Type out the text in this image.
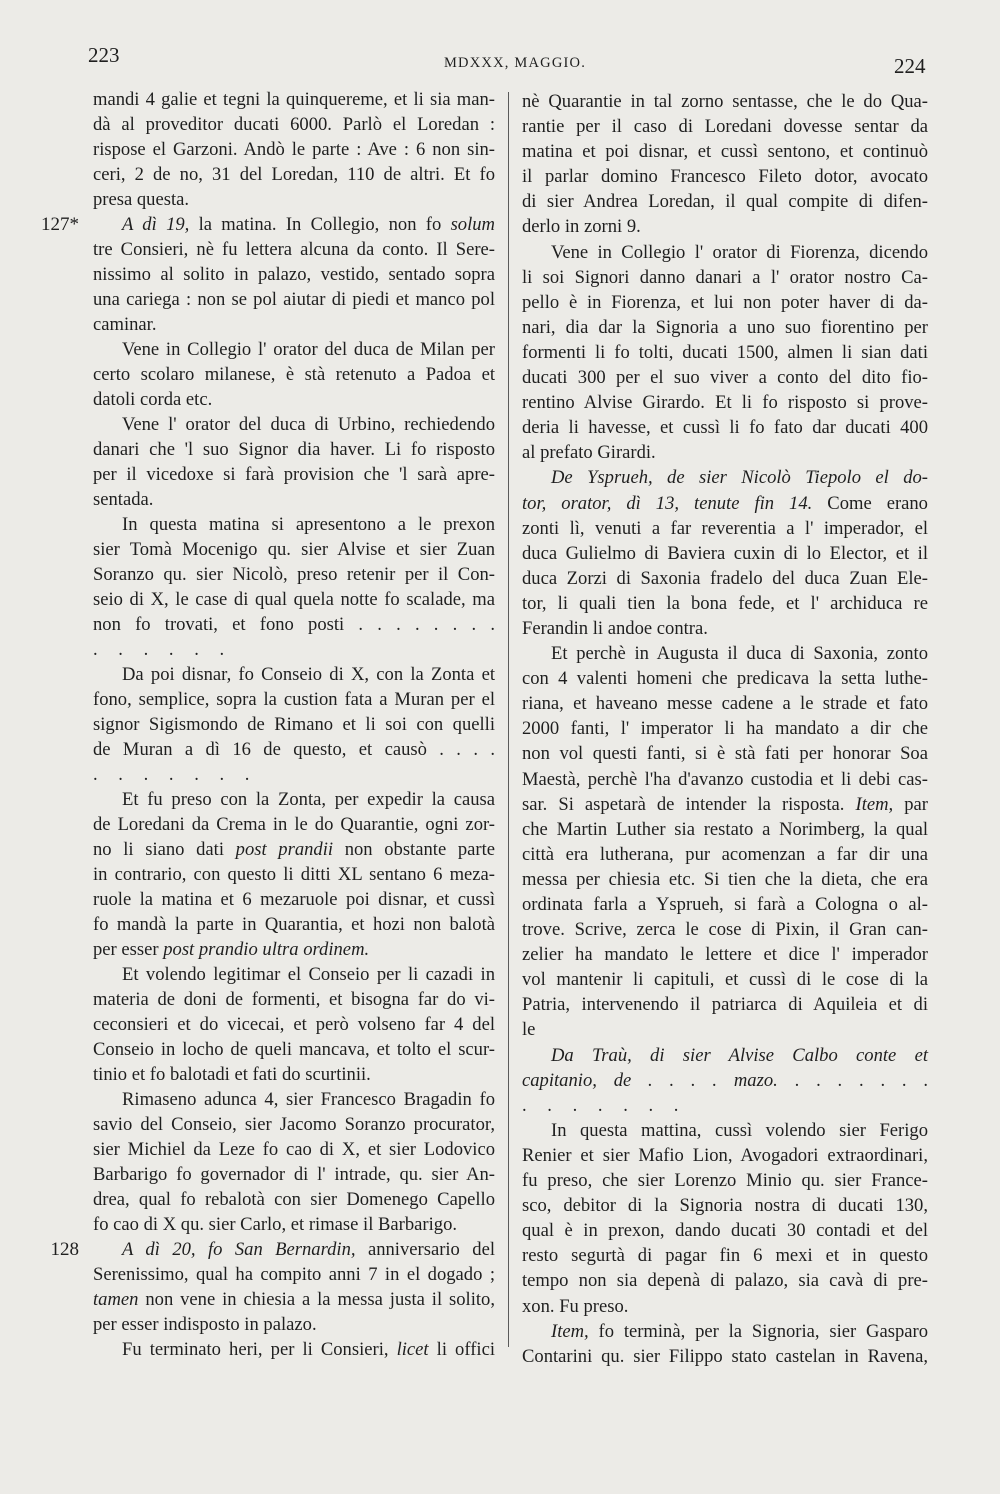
223	MDXXX, MAGGIO.	224
mandi 4 galie et tegni la quinquereme, et li sia man-
dà al proveditor ducati 6000. Parlò el Loredan :
rispose el Garzoni. Andò le parte : Ave : 6 non sin-
ceri, 2 de no, 31 del Loredan, 110 de altri. Et fo
presa questa.
127*	A dì 19, la matina. In Collegio, non fo solum
tre Consieri, nè fu lettera alcuna da conto. Il Sere-
nissimo al solito in palazo, vestido, sentado sopra
una cariega : non se pol aiutar di piedi et manco pol
caminar.
Vene in Collegio l' orator del duca de Milan per
certo scolaro milanese, è stà retenuto a Padoa et
datoli corda etc.
Vene l' orator del duca di Urbino, rechiedendo
danari che 'l suo Signor dia haver. Li fo risposto
per il vicedoxe si farà provision che 'l sarà apre-
sentada.
In questa matina si apresentono a le prexon
sier Tomà Mocenigo qu. sier Alvise et sier Zuan
Soranzo qu. sier Nicolò, preso retenir per il Con-
seio di X, le case di qual quela notte fo scalade, ma
non fo trovati, et fono posti . . . . . . . .
. . . . . .
Da poi disnar, fo Conseio di X, con la Zonta et
fono, semplice, sopra la custion fata a Muran per el
signor Sigismondo de Rimano et li soi con quelli
de Muran a dì 16 de questo, et causò . . . .
. . . . . . .
Et fu preso con la Zonta, per expedir la causa
de Loredani da Crema in le do Quarantie, ogni zor-
no li siano dati post prandii non obstante parte
in contrario, con questo li ditti XL sentano 6 meza-
ruole la matina et 6 mezaruole poi disnar, et cussì
fo mandà la parte in Quarantia, et hozi non balotà
per esser post prandio ultra ordinem.
Et volendo legitimar el Conseio per li cazadi in
materia de doni de formenti, et bisogna far do vi-
ceconsieri et do vicecai, et però volseno far 4 del
Conseio in locho de queli mancava, et tolto el scur-
tinio et fo balotadi et fati do scurtinii.
Rimaseno adunca 4, sier Francesco Bragadin fo
savio del Conseio, sier Jacomo Soranzo procurator,
sier Michiel da Leze fo cao di X, et sier Lodovico
Barbarigo fo governador di l' intrade, qu. sier An-
drea, qual fo rebalotà con sier Domenego Capello
fo cao di X qu. sier Carlo, et rimase il Barbarigo.
128	A dì 20, fo San Bernardin, anniversario del
Serenissimo, qual ha compito anni 7 in el dogado ;
tamen non vene in chiesia a la messa justa il solito,
per esser indisposto in palazo.
Fu terminato heri, per li Consieri, licet li offici
nè Quarantie in tal zorno sentasse, che le do Qua-
rantie per il caso di Loredani dovesse sentar da
matina et poi disnar, et cussì sentono, et continuò
il parlar domino Francesco Fileto dotor, avocato
di sier Andrea Loredan, il qual compite di difen-
derlo in zorni 9.
Vene in Collegio l' orator di Fiorenza, dicendo
li soi Signori danno danari a l' orator nostro Ca-
pello è in Fiorenza, et lui non poter haver di da-
nari, dia dar la Signoria a uno suo fiorentino per
formenti li fo tolti, ducati 1500, almen li sian dati
ducati 300 per el suo viver a conto del dito fio-
rentino Alvise Girardo. Et li fo risposto si prove-
deria li havesse, et cussì li fo fato dar ducati 400
al prefato Girardi.
De Ysprueh, de sier Nicolò Tiepolo el do-
tor, orator, dì 13, tenute fin 14. Come erano
zonti lì, venuti a far reverentia a l' imperador, el
duca Gulielmo di Baviera cuxin di lo Elector, et il
duca Zorzi di Saxonia fradelo del duca Zuan Ele-
tor, li quali tien la bona fede, et l' archiduca re
Ferandin li andoe contra.
Et perchè in Augusta il duca di Saxonia, zonto
con 4 valenti homeni che predicava la setta luthe-
riana, et haveano messe cadene a le strade et fato
2000 fanti, l' imperator li ha mandato a dir che
non vol questi fanti, si è stà fati per honorar Soa
Maestà, perchè l'ha d'avanzo custodia et li debi cas-
sar. Si aspetarà de intender la risposta. Item, par
che Martin Luther sia restato a Norimberg, la qual
città era lutherana, pur acomenzan a far dir una
messa per chiesia etc. Si tien che la dieta, che era
ordinata farla a Ysprueh, si farà a Cologna o al-
trove. Scrive, zerca le cose di Pixin, il Gran can-
zelier ha mandato le lettere et dice l' imperador
vol mantenir li capituli, et cussì di le cose di la
Patria, intervenendo il patriarca di Aquileia et di
le
Da Traù, di sier Alvise Calbo conte et
capitanio, de . . . . mazo. . . . . . . .
. . . . . . .
In questa mattina, cussì volendo sier Ferigo
Renier et sier Mafio Lion, Avogadori extraordinari,
fu preso, che sier Lorenzo Minio qu. sier France-
sco, debitor di la Signoria nostra di ducati 130,
qual è in prexon, dando ducati 30 contadi et del
resto segurtà di pagar fin 6 mexi et in questo
tempo non sia depenà di palazo, sia cavà di pre-
xon. Fu preso.
Item, fo terminà, per la Signoria, sier Gasparo
Contarini qu. sier Filippo stato castelan in Ravena,
